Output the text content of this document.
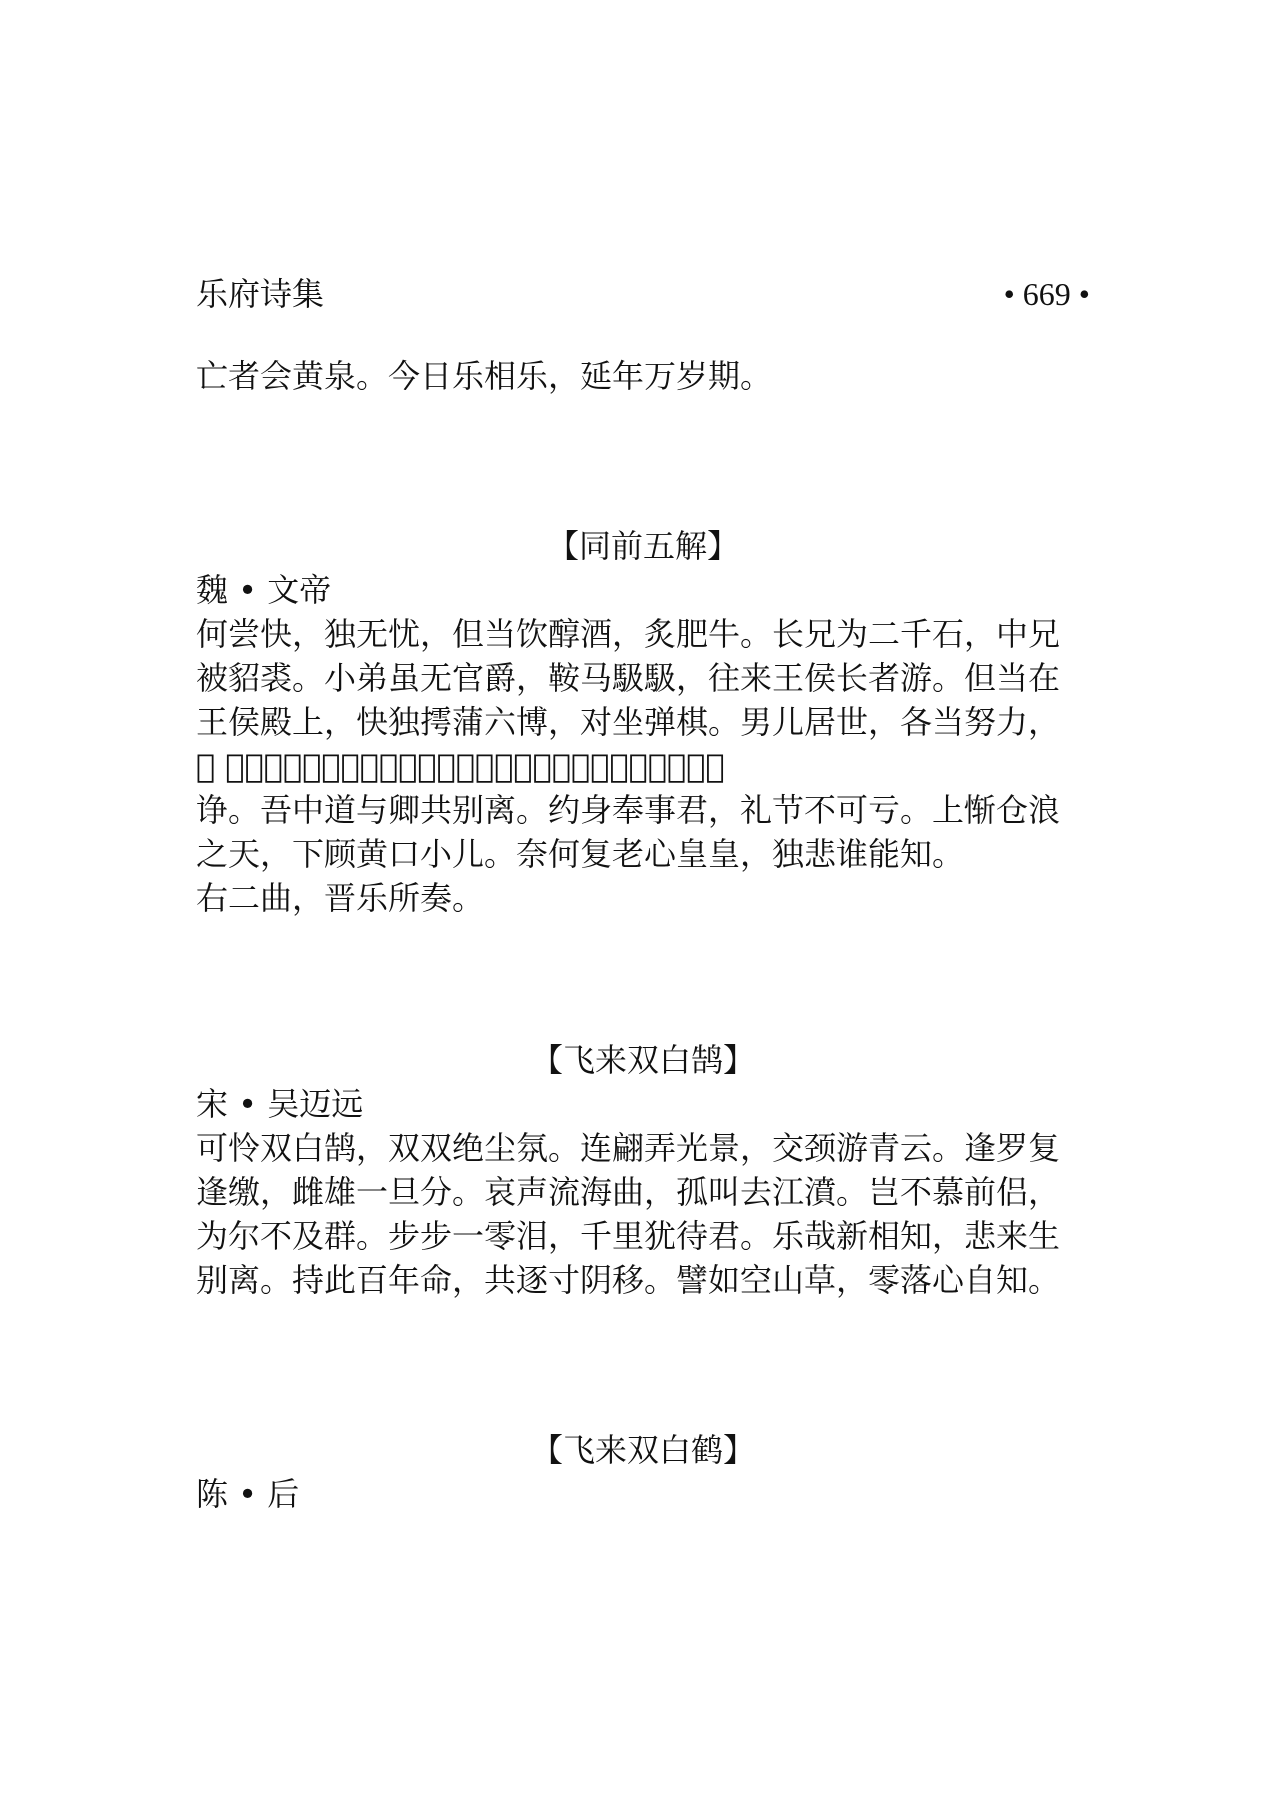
乐府诗集	• 669 •
亡者会黄泉。今日乐相乐，延年万岁期。
【同前五解】
魏 • 文帝
何尝快，独无忧，但当饮醇酒，炙肥牛。长兄为二千石，中兄
被貂裘。小弟虽无官爵，鞍马馺馺，往来王侯长者游。但当在
王侯殿上，快独摴蒲六博，对坐弹棋。男儿居世，各当努力，
𣣂 戚迫日暮，殊不久留。少小相触抵，寒苦常相随，忿恚安足
诤。吾中道与卿共别离。约身奉事君，礼节不可亏。上惭仓浪
之天，下顾黄口小儿。奈何复老心皇皇，独悲谁能知。
右二曲，晋乐所奏。
【飞来双白鹄】
宋 • 吴迈远
可怜双白鹄，双双绝尘氛。连翩弄光景，交颈游青云。逢罗复
逢缴，雌雄一旦分。哀声流海曲，孤叫去江濆。岂不慕前侣，
为尔不及群。步步一零泪，千里犹待君。乐哉新相知，悲来生
别离。持此百年命，共逐寸阴移。譬如空山草，零落心自知。
【飞来双白鹤】
陈 • 后
